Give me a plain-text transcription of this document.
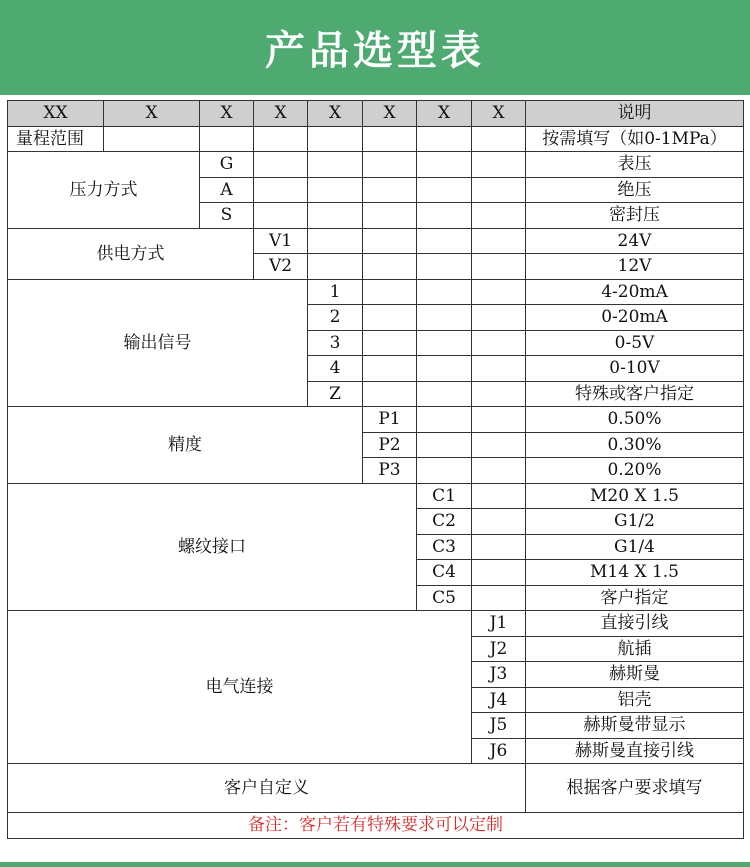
产品选型表
XX	X	X	X	X	X	X	X	说明
量程范围								按需填写（如0-1MPa）
压力方式		G						表压
		A						绝压
		S						密封压
供电方式			V1					24V
			V2					12V
输出信号				1				4-20mA
				2				0-20mA
				3				0-5V
				4				0-10V
				Z				特殊或客户指定
精度					P1			0.50%
					P2			0.30%
					P3			0.20%
螺纹接口						C1		M20 X 1.5
						C2		G1/2
						C3		G1/4
						C4		M14 X 1.5
						C5		客户指定
电气连接							J1	直接引线
							J2	航插
							J3	赫斯曼
							J4	铝壳
							J5	赫斯曼带显示
							J6	赫斯曼直接引线
客户自定义								根据客户要求填写
备注：客户若有特殊要求可以定制								
